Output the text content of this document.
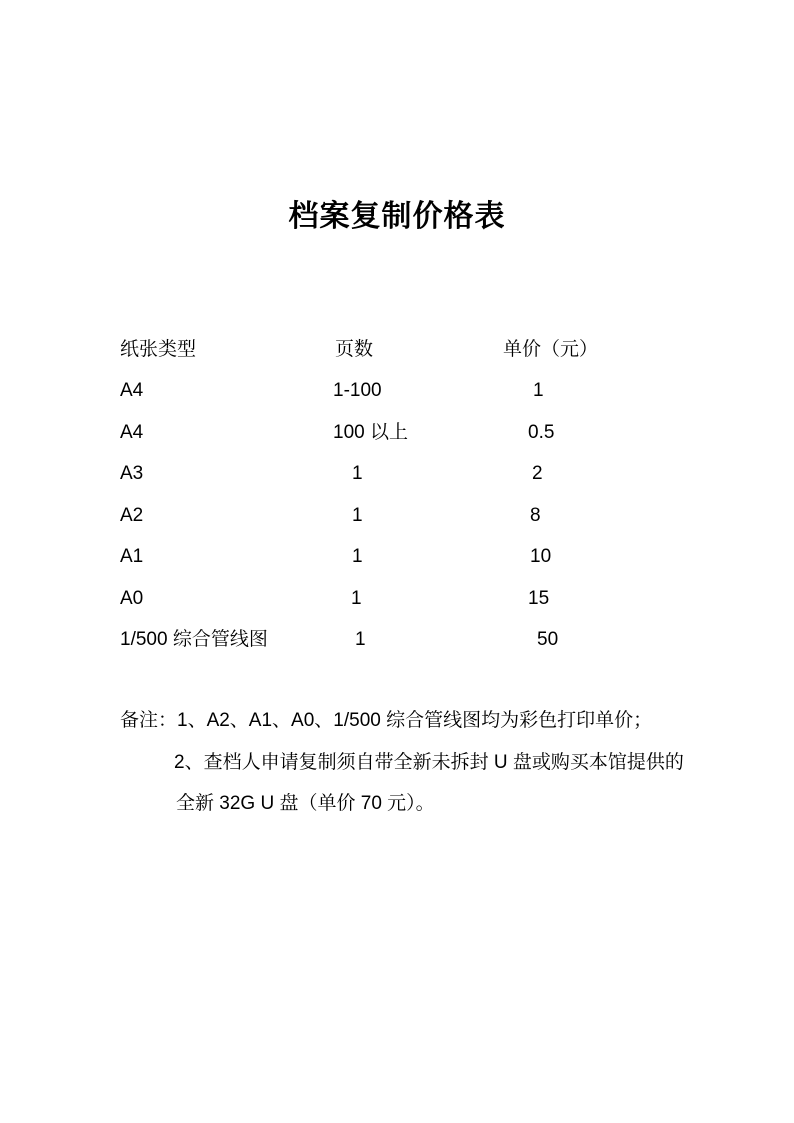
档案复制价格表
纸张类型	页数	单价（元）
A4	1-100	1
A4	100 以上	0.5
A3	1	2
A2	1	8
A1	1	10
A0	1	15
1/500 综合管线图	1	50
备注：1、A2、A1、A0、1/500 综合管线图均为彩色打印单价；
2、查档人申请复制须自带全新未拆封 U 盘或购买本馆提供的
全新 32G U 盘（单价 70 元）。
